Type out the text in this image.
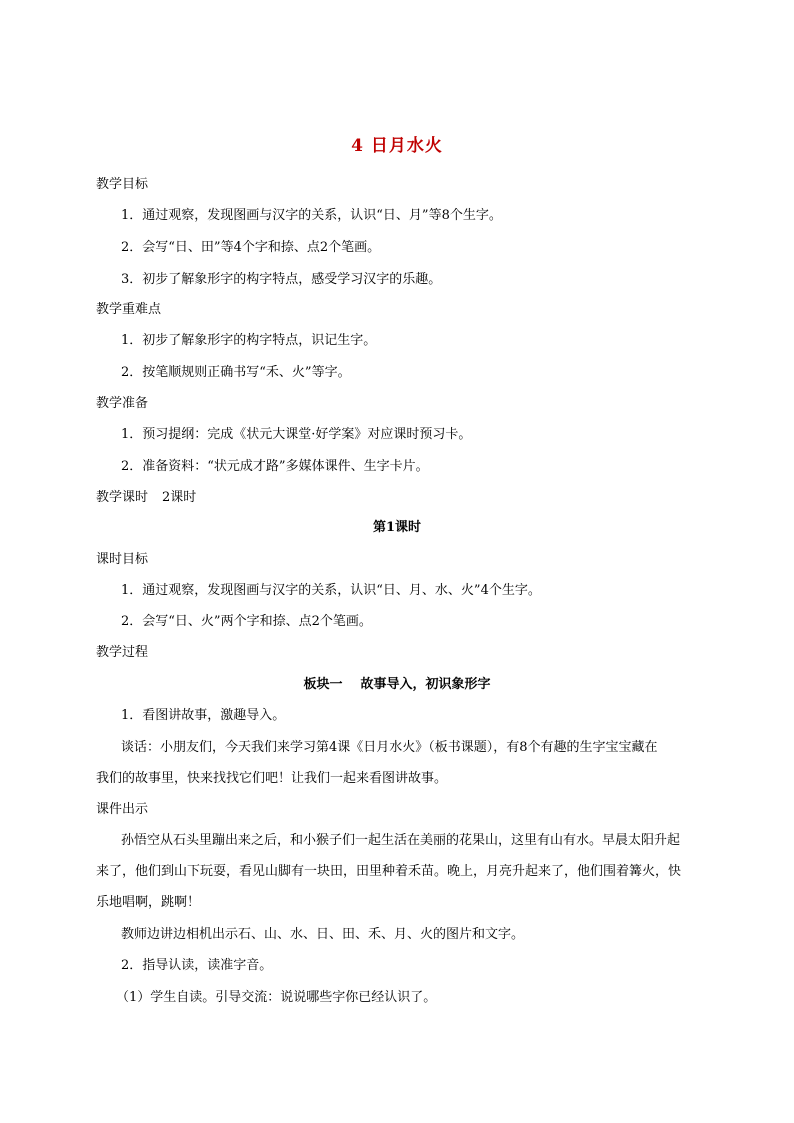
4 日月水火
教学目标
1．通过观察，发现图画与汉字的关系，认识“日、月”等8个生字。
2．会写“日、田”等4个字和捺、点2个笔画。
3．初步了解象形字的构字特点，感受学习汉字的乐趣。
教学重难点
1．初步了解象形字的构字特点，识记生字。
2．按笔顺规则正确书写“禾、火”等字。
教学准备
1．预习提纲：完成《状元大课堂·好学案》对应课时预习卡。
2．准备资料：“状元成才路”多媒体课件、生字卡片。
教学课时 2课时
第1课时
课时目标
1．通过观察，发现图画与汉字的关系，认识“日、月、水、火”4个生字。
2．会写“日、火”两个字和捺、点2个笔画。
教学过程
板块一    故事导入，初识象形字
1．看图讲故事，激趣导入。
谈话：小朋友们，今天我们来学习第4课《日月水火》（板书课题），有8个有趣的生字宝宝藏在
我们的故事里，快来找找它们吧！让我们一起来看图讲故事。
课件出示
孙悟空从石头里蹦出来之后，和小猴子们一起生活在美丽的花果山，这里有山有水。早晨太阳升起
来了，他们到山下玩耍，看见山脚有一块田，田里种着禾苗。晚上，月亮升起来了，他们围着篝火，快
乐地唱啊，跳啊！
教师边讲边相机出示石、山、水、日、田、禾、月、火的图片和文字。
2．指导认读，读准字音。
（1）学生自读。引导交流：说说哪些字你已经认识了。
